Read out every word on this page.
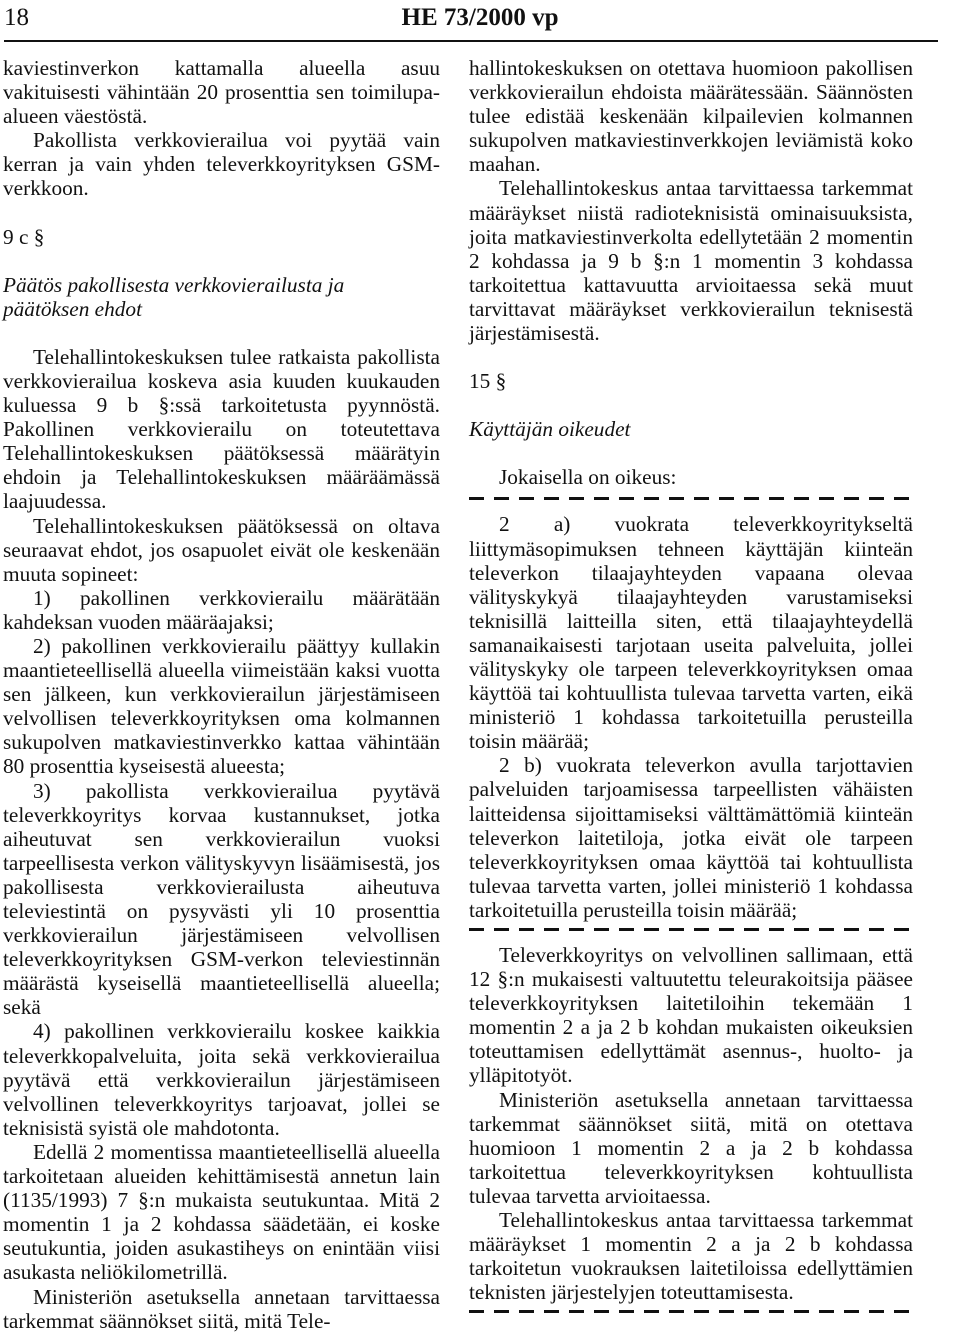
18	HE 73/2000 vp

kaviestinverkon kattamalla alueella asuu vakituisesti vähintään 20 prosenttia sen toimilupa-alueen väestöstä.

Pakollista verkkovierailua voi pyytää vain kerran ja vain yhden televerkkoyrityksen GSM-verkkoon.

9 c §

Päätös pakollisesta verkkovierailusta ja

päätöksen ehdot

Telehallintokeskuksen tulee ratkaista pakollista verkkovierailua koskeva asia kuuden kuukauden kuluessa 9 b §:ssä tarkoitetusta pyynnöstä. Pakollinen verkkovierailu on toteutettava Telehallintokeskuksen päätöksessä määrätyin ehdoin ja Telehallintokeskuksen määräämässä laajuudessa.

Telehallintokeskuksen päätöksessä on oltava seuraavat ehdot, jos osapuolet eivät ole keskenään muuta sopineet:

1) pakollinen verkkovierailu määrätään kahdeksan vuoden määräajaksi;

2) pakollinen verkkovierailu päättyy kullakin maantieteellisellä alueella viimeistään kaksi vuotta sen jälkeen, kun verkkovierailun järjestämiseen velvollisen televerkkoyrityksen oma kolmannen sukupolven matkaviestinverkko kattaa vähintään 80 prosenttia kyseisestä alueesta;

3) pakollista verkkovierailua pyytävä televerkkoyritys korvaa kustannukset, jotka aiheutuvat sen verkkovierailun vuoksi tarpeellisesta verkon välityskyvyn lisäämisestä, jos pakollisesta verkkovierailusta aiheutuva televiestintä on pysyvästi yli 10 prosenttia verkkovierailun järjestämiseen velvollisen televerkkoyrityksen GSM-verkon televiestinnän määrästä kyseisellä maantieteellisellä alueella; sekä

4) pakollinen verkkovierailu koskee kaikkia televerkkopalveluita, joita sekä verkkovierailua pyytävä että verkkovierailun järjestämiseen velvollinen televerkkoyritys tarjoavat, jollei se teknisistä syistä ole mahdotonta.

Edellä 2 momentissa maantieteellisellä alueella tarkoitetaan alueiden kehittämisestä annetun lain (1135/1993) 7 §:n mukaista seutukuntaa. Mitä 2 momentin 1 ja 2 kohdassa säädetään, ei koske seutukuntia, joiden asukastiheys on enintään viisi asukasta neliökilometrillä.

Ministeriön asetuksella annetaan tarvittaessa tarkemmat säännökset siitä, mitä Tele-

hallintokeskuksen on otettava huomioon pakollisen verkkovierailun ehdoista määrätessään. Säännösten tulee edistää keskenään kilpailevien kolmannen sukupolven matkaviestinverkkojen leviämistä koko maahan.

Telehallintokeskus antaa tarvittaessa tarkemmat määräykset niistä radioteknisistä ominaisuuksista, joita matkaviestinverkolta edellytetään 2 momentin 2 kohdassa ja 9 b §:n 1 momentin 3 kohdassa tarkoitettua kattavuutta arvioitaessa sekä muut tarvittavat määräykset verkkovierailun teknisestä järjestämisestä.

15 §

Käyttäjän oikeudet

Jokaisella on oikeus:

2 a) vuokrata televerkkoyritykseltä liittymäsopimuksen tehneen käyttäjän kiinteän televerkon tilaajayhteyden vapaana olevaa välityskykyä tilaajayhteyden varustamiseksi teknisillä laitteilla siten, että tilaajayhteydellä samanaikaisesti tarjotaan useita palveluita, jollei välityskyky ole tarpeen televerkkoyrityksen omaa käyttöä tai kohtuullista tulevaa tarvetta varten, eikä ministeriö 1 kohdassa tarkoitetuilla perusteilla toisin määrää;

2 b) vuokrata televerkon avulla tarjottavien palveluiden tarjoamisessa tarpeellisten vähäisten laitteidensa sijoittamiseksi välttämättömiä kiinteän televerkon laitetiloja, jotka eivät ole tarpeen televerkkoyrityksen omaa käyttöä tai kohtuullista tulevaa tarvetta varten, jollei ministeriö 1 kohdassa tarkoitetuilla perusteilla toisin määrää;

Televerkkoyritys on velvollinen sallimaan, että 12 §:n mukaisesti valtuutettu teleurakoitsija pääsee televerkkoyrityksen laitetiloihin tekemään 1 momentin 2 a ja 2 b kohdan mukaisten oikeuksien toteuttamisen edellyttämät asennus-, huolto- ja ylläpitotyöt.

Ministeriön asetuksella annetaan tarvittaessa tarkemmat säännökset siitä, mitä on otettava huomioon 1 momentin 2 a ja 2 b kohdassa tarkoitettua televerkkoyrityksen kohtuullista tulevaa tarvetta arvioitaessa.

Telehallintokeskus antaa tarvittaessa tarkemmat määräykset 1 momentin 2 a ja 2 b kohdassa tarkoitetun vuokrauksen laitetiloissa edellyttämien teknisten järjestelyjen toteuttamisesta.
